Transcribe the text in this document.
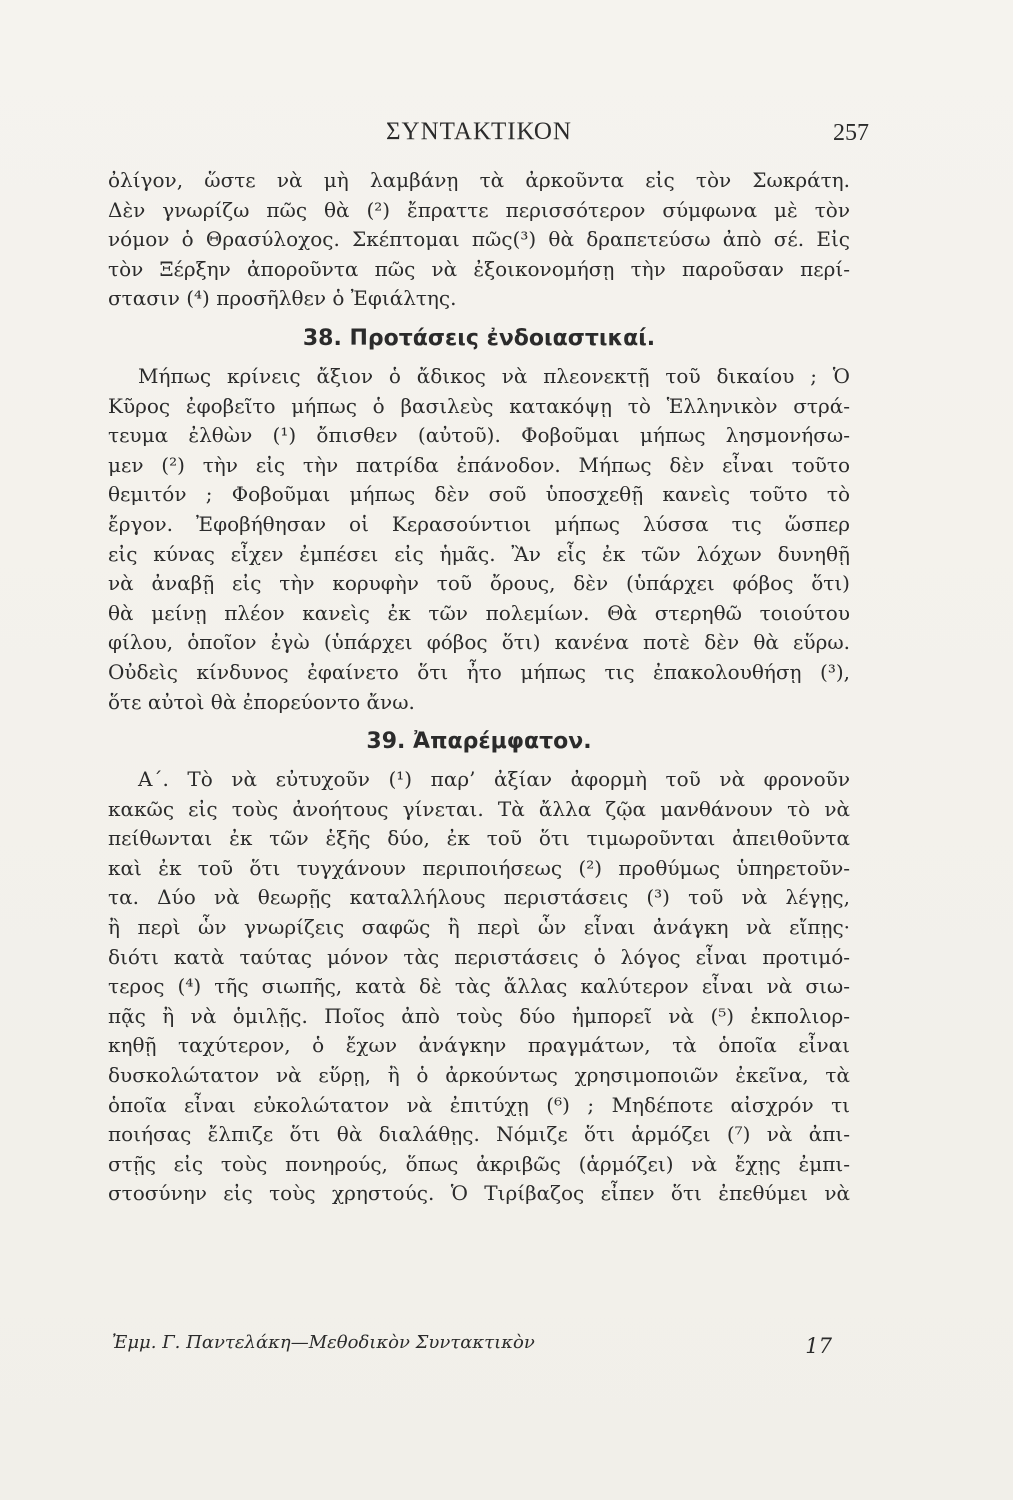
ΣΥΝΤΑΚΤΙΚΟΝ	257
ὀλίγον, ὥστε νὰ μὴ λαμβάνῃ τὰ ἀρκοῦντα εἰς τὸν Σωκράτη.
Δὲν γνωρίζω πῶς θὰ (²) ἔπραττε περισσότερον σύμφωνα μὲ τὸν
νόμον ὁ Θρασύλοχος. Σκέπτομαι πῶς(³) θὰ δραπετεύσω ἀπὸ σέ. Εἰς
τὸν Ξέρξην ἀποροῦντα πῶς νὰ ἐξοικονομήσῃ τὴν παροῦσαν περί-
στασιν (⁴) προσῆλθεν ὁ Ἐφιάλτης.
38. Προτάσεις ἐνδοιαστικαί.
Μήπως κρίνεις ἄξιον ὁ ἄδικος νὰ πλεονεκτῇ τοῦ δικαίου ; Ὁ
Κῦρος ἐφοβεῖτο μήπως ὁ βασιλεὺς κατακόψῃ τὸ Ἑλληνικὸν στρά-
τευμα ἐλθὼν (¹) ὄπισθεν (αὐτοῦ). Φοβοῦμαι μήπως λησμονήσω-
μεν (²) τὴν εἰς τὴν πατρίδα ἐπάνοδον. Μήπως δὲν εἶναι τοῦτο
θεμιτόν ; Φοβοῦμαι μήπως δὲν σοῦ ὑποσχεθῇ κανεὶς τοῦτο τὸ
ἔργον. Ἐφοβήθησαν οἱ Κερασούντιοι μήπως λύσσα τις ὥσπερ
εἰς κύνας εἶχεν ἐμπέσει εἰς ἡμᾶς. Ἂν εἷς ἐκ τῶν λόχων δυνηθῇ
νὰ ἀναβῇ εἰς τὴν κορυφὴν τοῦ ὄρους, δὲν (ὑπάρχει φόβος ὅτι)
θὰ μείνῃ πλέον κανεὶς ἐκ τῶν πολεμίων. Θὰ στερηθῶ τοιούτου
φίλου, ὁποῖον ἐγὼ (ὑπάρχει φόβος ὅτι) κανένα ποτὲ δὲν θὰ εὕρω.
Οὐδεὶς κίνδυνος ἐφαίνετο ὅτι ἦτο μήπως τις ἐπακολουθήσῃ (³),
ὅτε αὐτοὶ θὰ ἐπορεύοντο ἄνω.
39. Ἀπαρέμφατον.
Α΄. Τὸ νὰ εὐτυχοῦν (¹) παρ’ ἀξίαν ἀφορμὴ τοῦ νὰ φρονοῦν
κακῶς εἰς τοὺς ἀνοήτους γίνεται. Τὰ ἄλλα ζῷα μανθάνουν τὸ νὰ
πείθωνται ἐκ τῶν ἑξῆς δύο, ἐκ τοῦ ὅτι τιμωροῦνται ἀπειθοῦντα
καὶ ἐκ τοῦ ὅτι τυγχάνουν περιποιήσεως (²) προθύμως ὑπηρετοῦν-
τα. Δύο νὰ θεωρῇς καταλλήλους περιστάσεις (³) τοῦ νὰ λέγῃς,
ἢ περὶ ὧν γνωρίζεις σαφῶς ἢ περὶ ὧν εἶναι ἀνάγκη νὰ εἴπῃς·
διότι κατὰ ταύτας μόνον τὰς περιστάσεις ὁ λόγος εἶναι προτιμό-
τερος (⁴) τῆς σιωπῆς, κατὰ δὲ τὰς ἄλλας καλύτερον εἶναι νὰ σιω-
πᾷς ἢ νὰ ὁμιλῇς. Ποῖος ἀπὸ τοὺς δύο ἠμπορεῖ νὰ (⁵) ἐκπολιορ-
κηθῇ ταχύτερον, ὁ ἔχων ἀνάγκην πραγμάτων, τὰ ὁποῖα εἶναι
δυσκολώτατον νὰ εὕρῃ, ἢ ὁ ἀρκούντως χρησιμοποιῶν ἐκεῖνα, τὰ
ὁποῖα εἶναι εὐκολώτατον νὰ ἐπιτύχῃ (⁶) ; Μηδέποτε αἰσχρόν τι
ποιήσας ἔλπιζε ὅτι θὰ διαλάθῃς. Νόμιζε ὅτι ἁρμόζει (⁷) νὰ ἀπι-
στῇς εἰς τοὺς πονηρούς, ὅπως ἀκριβῶς (ἁρμόζει) νὰ ἔχῃς ἐμπι-
στοσύνην εἰς τοὺς χρηστούς. Ὁ Τιρίβαζος εἶπεν ὅτι ἐπεθύμει νὰ
Ἐμμ. Γ. Παντελάκη—Μεθοδικὸν Συντακτικὸν	17
